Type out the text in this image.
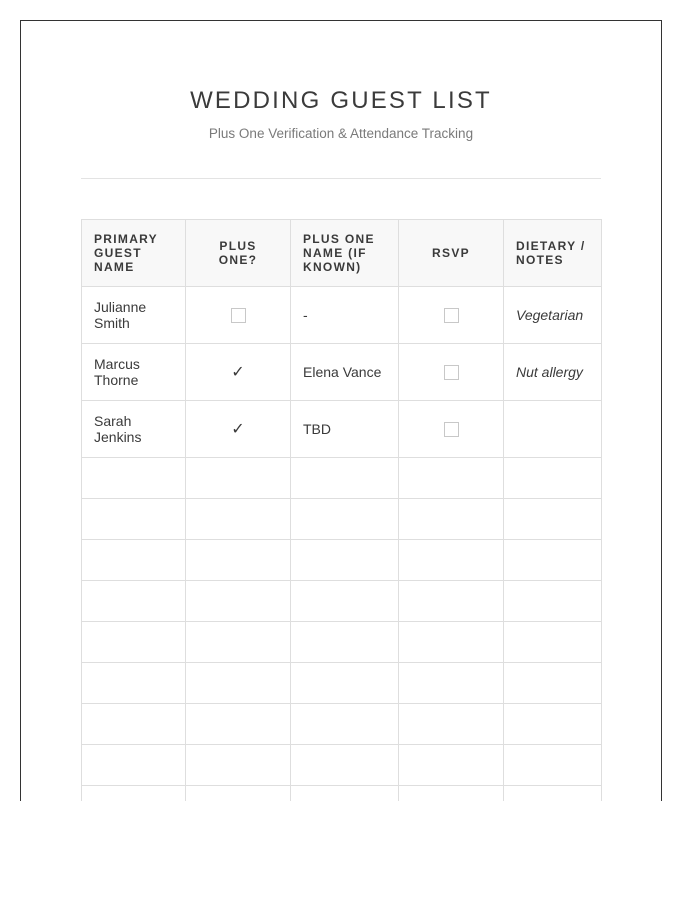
WEDDING GUEST LIST

Plus One Verification & Attendance Tracking

PRIMARY GUEST NAME	PLUS ONE?	PLUS ONE NAME (IF KNOWN)	RSVP	DIETARY / NOTES
Julianne Smith		-		Vegetarian
Marcus Thorne	✓	Elena Vance		Nut allergy
Sarah Jenkins	✓	TBD		
